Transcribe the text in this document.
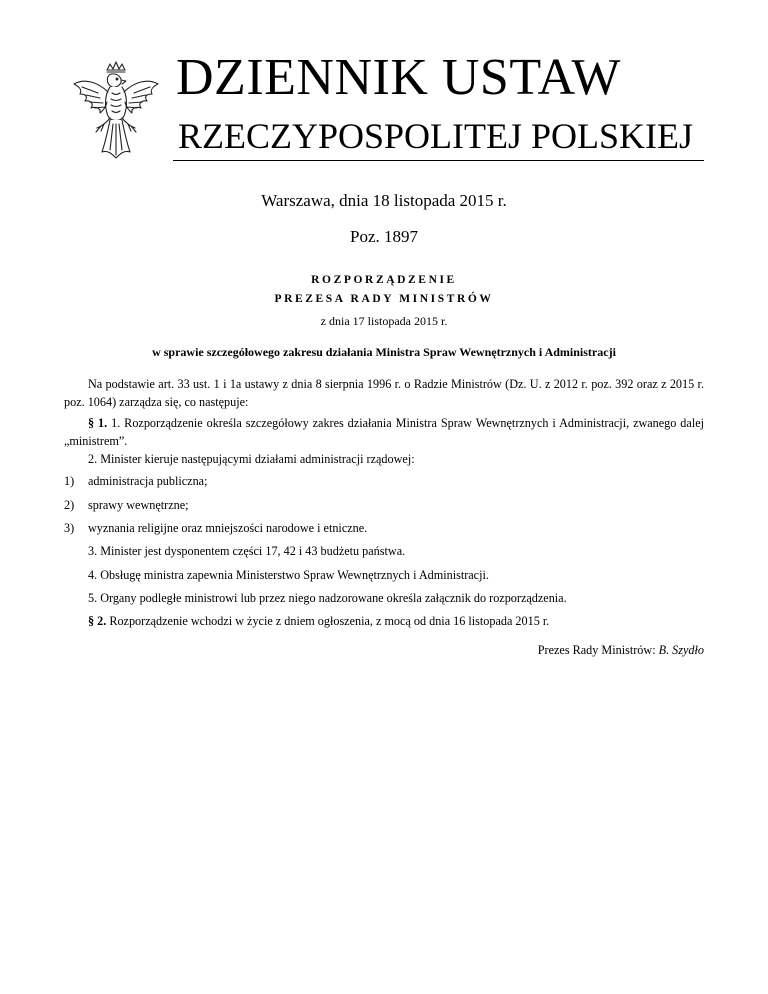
DZIENNIK USTAW
RZECZYPOSPOLITEJ POLSKIEJ
Warszawa, dnia 18 listopada 2015 r.
Poz. 1897
ROZPORZĄDZENIE
PREZESA RADY MINISTRÓW
z dnia 17 listopada 2015 r.
w sprawie szczegółowego zakresu działania Ministra Spraw Wewnętrznych i Administracji
Na podstawie art. 33 ust. 1 i 1a ustawy z dnia 8 sierpnia 1996 r. o Radzie Ministrów (Dz. U. z 2012 r. poz. 392 oraz z 2015 r. poz. 1064) zarządza się, co następuje:
§ 1. 1. Rozporządzenie określa szczegółowy zakres działania Ministra Spraw Wewnętrznych i Administracji, zwanego dalej „ministrem”.
2. Minister kieruje następującymi działami administracji rządowej:
1) administracja publiczna;
2) sprawy wewnętrzne;
3) wyznania religijne oraz mniejszości narodowe i etniczne.
3. Minister jest dysponentem części 17, 42 i 43 budżetu państwa.
4. Obsługę ministra zapewnia Ministerstwo Spraw Wewnętrznych i Administracji.
5. Organy podległe ministrowi lub przez niego nadzorowane określa załącznik do rozporządzenia.
§ 2. Rozporządzenie wchodzi w życie z dniem ogłoszenia, z mocą od dnia 16 listopada 2015 r.
Prezes Rady Ministrów: B. Szydło
